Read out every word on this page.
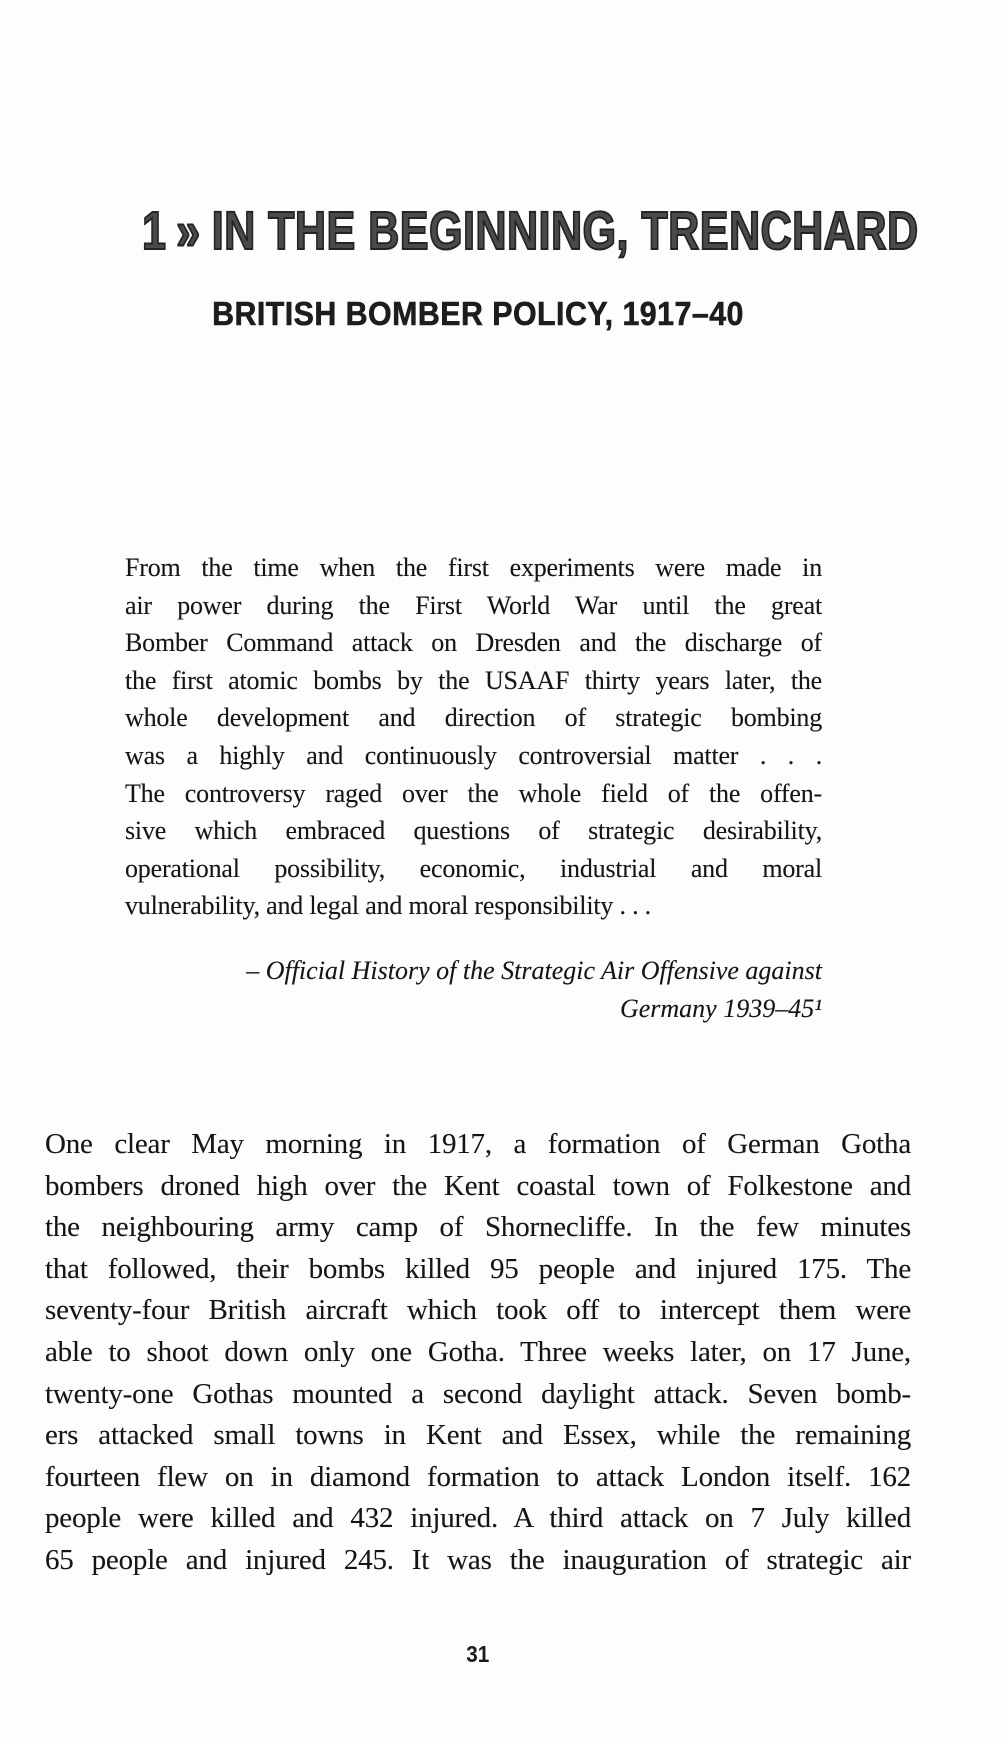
1 » IN THE BEGINNING, TRENCHARD
BRITISH BOMBER POLICY, 1917–40
From the time when the first experiments were made in
air power during the First World War until the great
Bomber Command attack on Dresden and the discharge of
the first atomic bombs by the USAAF thirty years later, the
whole development and direction of strategic bombing
was a highly and continuously controversial matter . . .
The controversy raged over the whole field of the offen-
sive which embraced questions of strategic desirability,
operational possibility, economic, industrial and moral
vulnerability, and legal and moral responsibility . . .
– Official History of the Strategic Air Offensive against
Germany 1939–45¹
One clear May morning in 1917, a formation of German Gotha
bombers droned high over the Kent coastal town of Folkestone and
the neighbouring army camp of Shornecliffe. In the few minutes
that followed, their bombs killed 95 people and injured 175. The
seventy-four British aircraft which took off to intercept them were
able to shoot down only one Gotha. Three weeks later, on 17 June,
twenty-one Gothas mounted a second daylight attack. Seven bomb-
ers attacked small towns in Kent and Essex, while the remaining
fourteen flew on in diamond formation to attack London itself. 162
people were killed and 432 injured. A third attack on 7 July killed
65 people and injured 245. It was the inauguration of strategic air
31
